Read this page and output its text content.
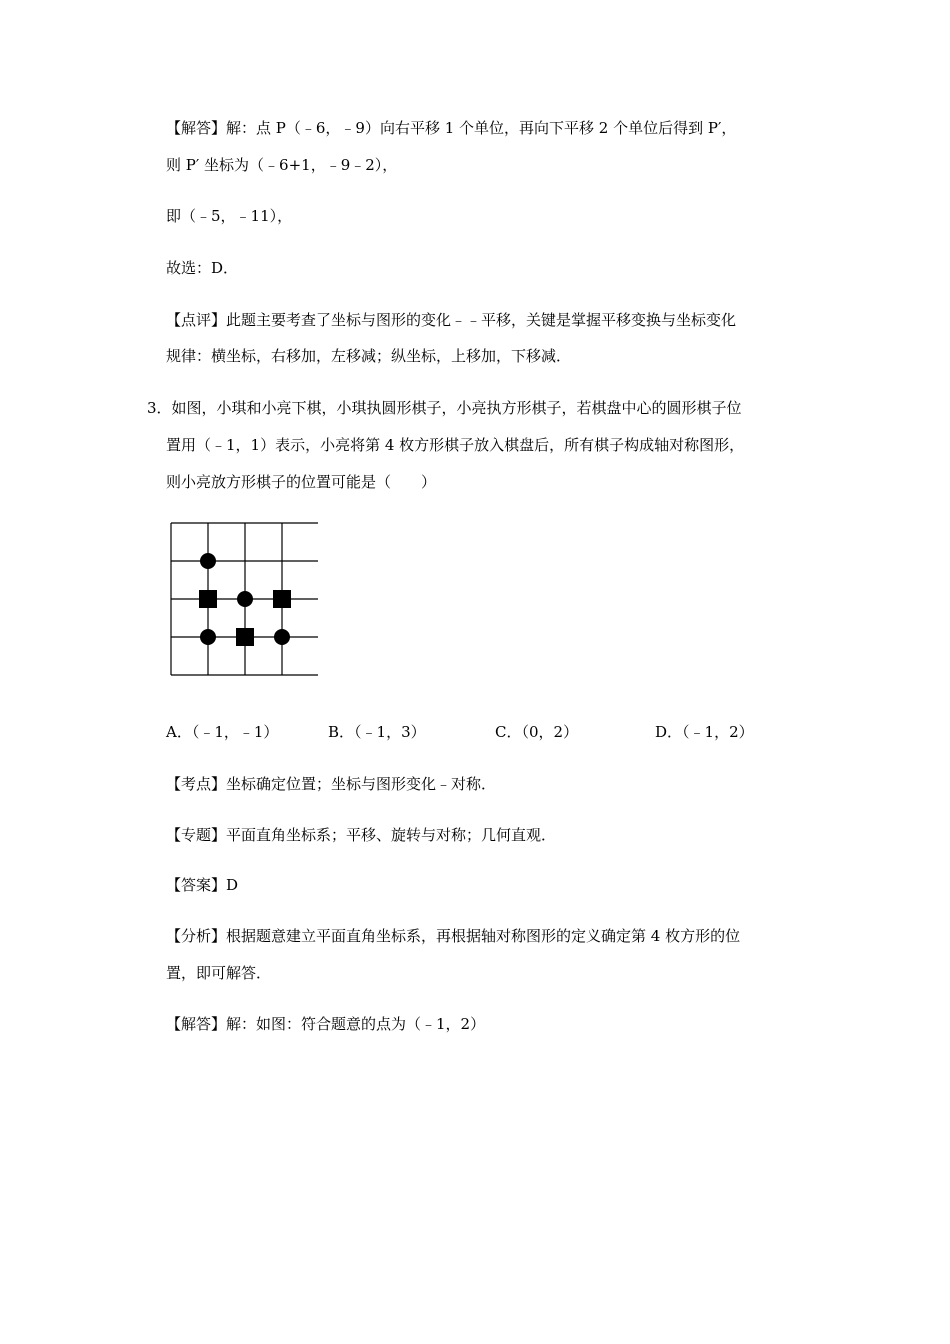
【解答】解：点 P（﹣6，﹣9）向右平移 1 个单位，再向下平移 2 个单位后得到 P′，
则 P′ 坐标为（﹣6+1，﹣9﹣2），
即（﹣5，﹣11），
故选：D．
【点评】此题主要考查了坐标与图形的变化﹣﹣平移，关键是掌握平移变换与坐标变化
规律：横坐标，右移加，左移减；纵坐标，上移加，下移减．
3．如图，小琪和小亮下棋，小琪执圆形棋子，小亮执方形棋子，若棋盘中心的圆形棋子位
置用（﹣1，1）表示，小亮将第 4 枚方形棋子放入棋盘后，所有棋子构成轴对称图形，
则小亮放方形棋子的位置可能是（　　）
A．（﹣1，﹣1）	B．（﹣1，3）	C．（0，2）	D．（﹣1，2）
【考点】坐标确定位置；坐标与图形变化﹣对称．
【专题】平面直角坐标系；平移、旋转与对称；几何直观．
【答案】D
【分析】根据题意建立平面直角坐标系，再根据轴对称图形的定义确定第 4 枚方形的位
置，即可解答．
【解答】解：如图：符合题意的点为（﹣1，2）
